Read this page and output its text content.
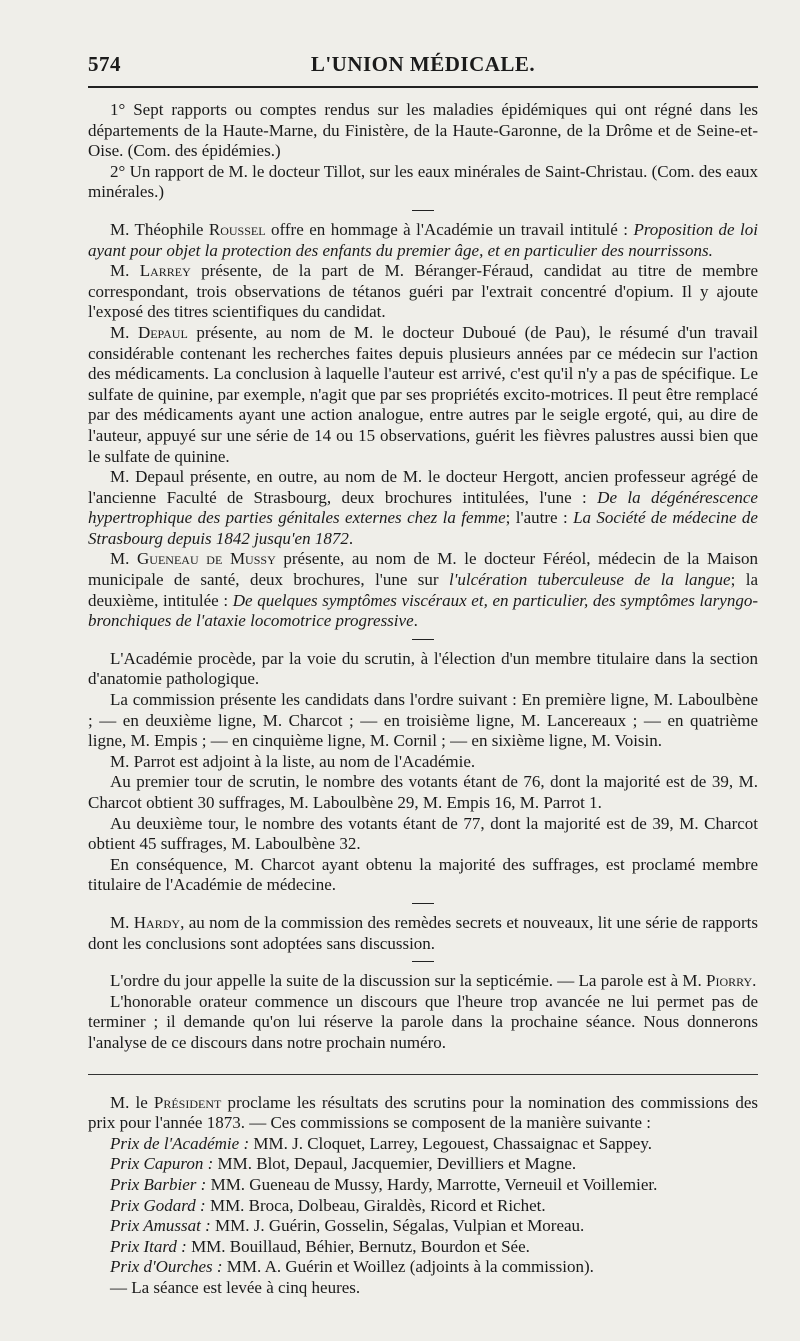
574	L'UNION MÉDICALE.

1° Sept rapports ou comptes rendus sur les maladies épidémiques qui ont régné dans les départements de la Haute-Marne, du Finistère, de la Haute-Garonne, de la Drôme et de Seine-et-Oise. (Com. des épidémies.)

2° Un rapport de M. le docteur Tillot, sur les eaux minérales de Saint-Christau. (Com. des eaux minérales.)

M. Théophile Roussel offre en hommage à l'Académie un travail intitulé : Proposition de loi ayant pour objet la protection des enfants du premier âge, et en particulier des nourrissons.

M. Larrey présente, de la part de M. Béranger-Féraud, candidat au titre de membre correspondant, trois observations de tétanos guéri par l'extrait concentré d'opium. Il y ajoute l'exposé des titres scientifiques du candidat.

M. Depaul présente, au nom de M. le docteur Duboué (de Pau), le résumé d'un travail considérable contenant les recherches faites depuis plusieurs années par ce médecin sur l'action des médicaments. La conclusion à laquelle l'auteur est arrivé, c'est qu'il n'y a pas de spécifique. Le sulfate de quinine, par exemple, n'agit que par ses propriétés excito-motrices. Il peut être remplacé par des médicaments ayant une action analogue, entre autres par le seigle ergoté, qui, au dire de l'auteur, appuyé sur une série de 14 ou 15 observations, guérit les fièvres palustres aussi bien que le sulfate de quinine.

M. Depaul présente, en outre, au nom de M. le docteur Hergott, ancien professeur agrégé de l'ancienne Faculté de Strasbourg, deux brochures intitulées, l'une : De la dégénérescence hypertrophique des parties génitales externes chez la femme; l'autre : La Société de médecine de Strasbourg depuis 1842 jusqu'en 1872.

M. Gueneau de Mussy présente, au nom de M. le docteur Féréol, médecin de la Maison municipale de santé, deux brochures, l'une sur l'ulcération tuberculeuse de la langue; la deuxième, intitulée : De quelques symptômes viscéraux et, en particulier, des symptômes laryngo-bronchiques de l'ataxie locomotrice progressive.

L'Académie procède, par la voie du scrutin, à l'élection d'un membre titulaire dans la section d'anatomie pathologique.

La commission présente les candidats dans l'ordre suivant : En première ligne, M. Laboulbène ; — en deuxième ligne, M. Charcot ; — en troisième ligne, M. Lancereaux ; — en quatrième ligne, M. Empis ; — en cinquième ligne, M. Cornil ; — en sixième ligne, M. Voisin.

M. Parrot est adjoint à la liste, au nom de l'Académie.

Au premier tour de scrutin, le nombre des votants étant de 76, dont la majorité est de 39, M. Charcot obtient 30 suffrages, M. Laboulbène 29, M. Empis 16, M. Parrot 1.

Au deuxième tour, le nombre des votants étant de 77, dont la majorité est de 39, M. Charcot obtient 45 suffrages, M. Laboulbène 32.

En conséquence, M. Charcot ayant obtenu la majorité des suffrages, est proclamé membre titulaire de l'Académie de médecine.

M. Hardy, au nom de la commission des remèdes secrets et nouveaux, lit une série de rapports dont les conclusions sont adoptées sans discussion.

L'ordre du jour appelle la suite de la discussion sur la septicémie. — La parole est à M. Piorry.

L'honorable orateur commence un discours que l'heure trop avancée ne lui permet pas de terminer ; il demande qu'on lui réserve la parole dans la prochaine séance. Nous donnerons l'analyse de ce discours dans notre prochain numéro.

M. le Président proclame les résultats des scrutins pour la nomination des commissions des prix pour l'année 1873. — Ces commissions se composent de la manière suivante :

Prix de l'Académie : MM. J. Cloquet, Larrey, Legouest, Chassaignac et Sappey.

Prix Capuron : MM. Blot, Depaul, Jacquemier, Devilliers et Magne.

Prix Barbier : MM. Gueneau de Mussy, Hardy, Marrotte, Verneuil et Voillemier.

Prix Godard : MM. Broca, Dolbeau, Giraldès, Ricord et Richet.

Prix Amussat : MM. J. Guérin, Gosselin, Ségalas, Vulpian et Moreau.

Prix Itard : MM. Bouillaud, Béhier, Bernutz, Bourdon et Sée.

Prix d'Ourches : MM. A. Guérin et Woillez (adjoints à la commission).

— La séance est levée à cinq heures.
